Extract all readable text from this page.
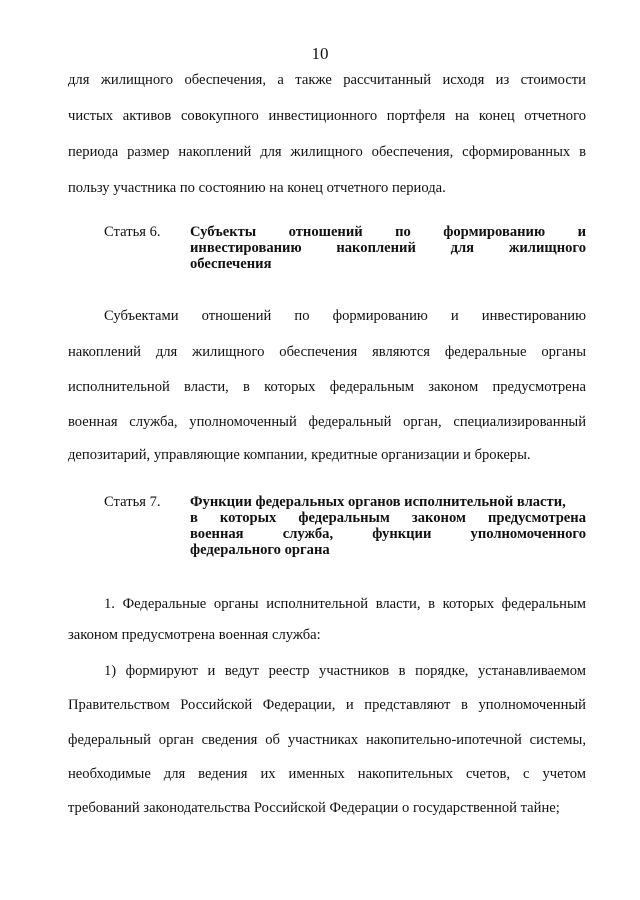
10

для жилищного обеспечения, а также рассчитанный исходя из стоимости

чистых активов совокупного инвестиционного портфеля на конец отчетного

периода размер накоплений для жилищного обеспечения, сформированных в

пользу участника по состоянию на конец отчетного периода.

Статья 6. Субъекты отношений по формированию и
инвестированию накоплений для жилищного
обеспечения

Субъектами отношений по формированию и инвестированию

накоплений для жилищного обеспечения являются федеральные органы

исполнительной власти, в которых федеральным законом предусмотрена

военная служба, уполномоченный федеральный орган, специализированный

депозитарий, управляющие компании, кредитные организации и брокеры.

Статья 7. Функции федеральных органов исполнительной власти,
в которых федеральным законом предусмотрена
военная служба, функции уполномоченного
федерального органа

1. Федеральные органы исполнительной власти, в которых федеральным

законом предусмотрена военная служба:

1) формируют и ведут реестр участников в порядке, устанавливаемом

Правительством Российской Федерации, и представляют в уполномоченный

федеральный орган сведения об участниках накопительно-ипотечной системы,

необходимые для ведения их именных накопительных счетов, с учетом

требований законодательства Российской Федерации о государственной тайне;
